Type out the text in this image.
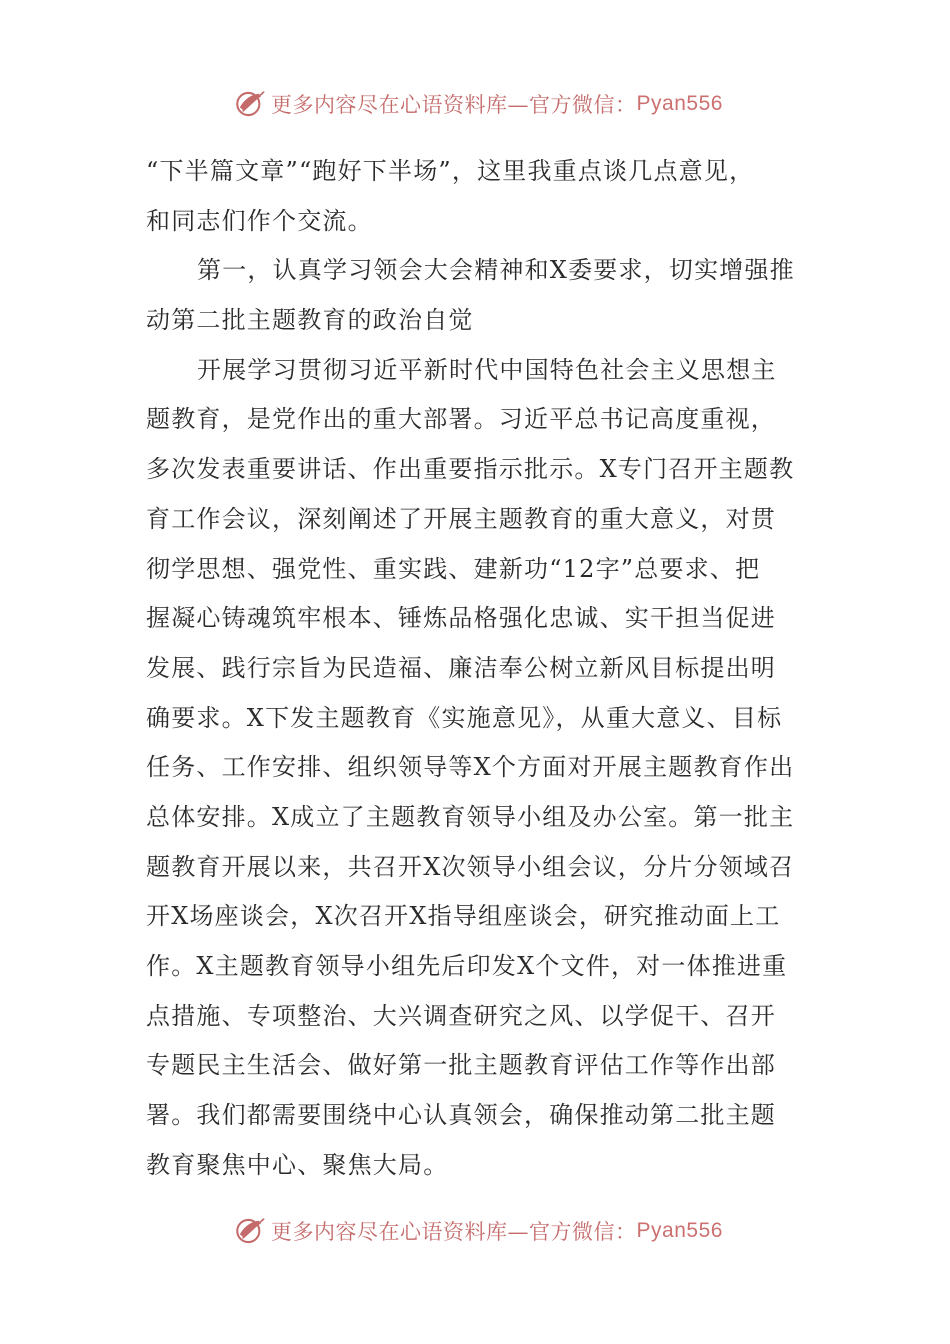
更多内容尽在心语资料库—官方微信： Pyan556
“下半篇文章”“跑好下半场”，这里我重点谈几点意见，
和同志们作个交流。
第一，认真学习领会大会精神和X委要求，切实增强推
动第二批主题教育的政治自觉
开展学习贯彻习近平新时代中国特色社会主义思想主
题教育，是党作出的重大部署。习近平总书记高度重视，
多次发表重要讲话、作出重要指示批示。X专门召开主题教
育工作会议，深刻阐述了开展主题教育的重大意义，对贯
彻学思想、强党性、重实践、建新功“12字”总要求、把
握凝心铸魂筑牢根本、锤炼品格强化忠诚、实干担当促进
发展、践行宗旨为民造福、廉洁奉公树立新风目标提出明
确要求。X下发主题教育《实施意见》，从重大意义、目标
任务、工作安排、组织领导等X个方面对开展主题教育作出
总体安排。X成立了主题教育领导小组及办公室。第一批主
题教育开展以来，共召开X次领导小组会议，分片分领域召
开X场座谈会，X次召开X指导组座谈会，研究推动面上工
作。X主题教育领导小组先后印发X个文件，对一体推进重
点措施、专项整治、大兴调查研究之风、以学促干、召开
专题民主生活会、做好第一批主题教育评估工作等作出部
署。我们都需要围绕中心认真领会，确保推动第二批主题
教育聚焦中心、聚焦大局。
更多内容尽在心语资料库—官方微信： Pyan556
